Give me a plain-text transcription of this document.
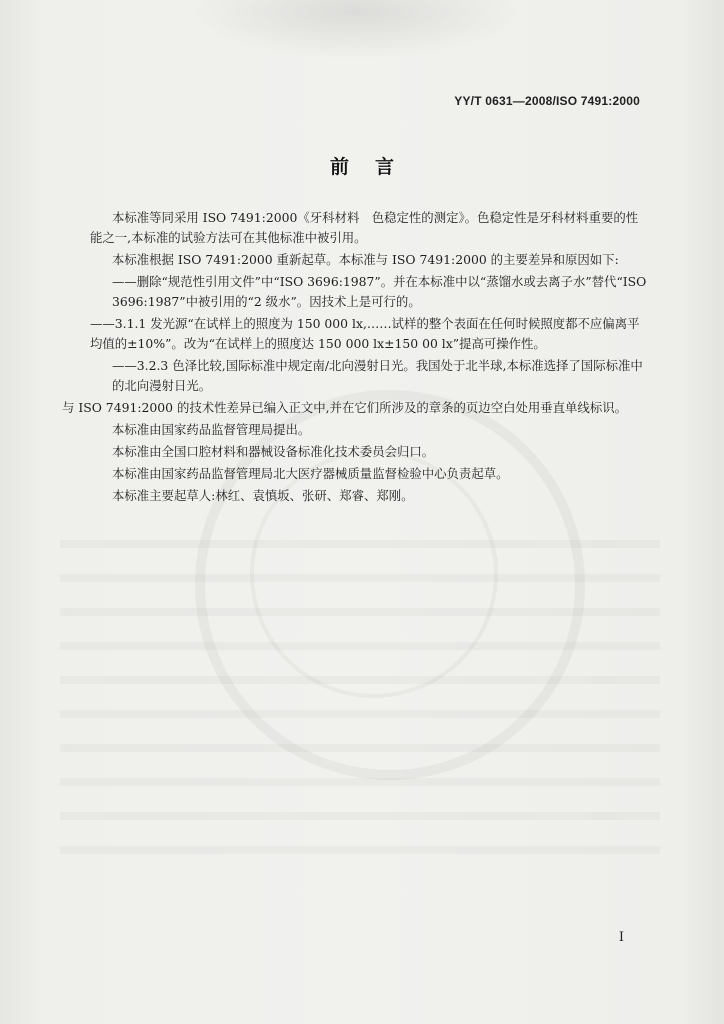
YY/T 0631—2008/ISO 7491:2000
前言

本标准等同采用 ISO 7491:2000《牙科材料　色稳定性的测定》。色稳定性是牙科材料重要的性能之一,本标准的试验方法可在其他标准中被引用。

本标准根据 ISO 7491:2000 重新起草。本标准与 ISO 7491:2000 的主要差异和原因如下:

——删除“规范性引用文件”中“ISO 3696:1987”。并在本标准中以“蒸馏水或去离子水”替代“ISO 3696:1987”中被引用的“2 级水”。因技术上是可行的。

——3.1.1 发光源“在试样上的照度为 150 000 lx,……试样的整个表面在任何时候照度都不应偏离平均值的±10%”。改为“在试样上的照度达 150 000 lx±150 00 lx”提高可操作性。

——3.2.3 色泽比较,国际标准中规定南/北向漫射日光。我国处于北半球,本标准选择了国际标准中的北向漫射日光。

与 ISO 7491:2000 的技术性差异已编入正文中,并在它们所涉及的章条的页边空白处用垂直单线标识。

本标准由国家药品监督管理局提出。

本标准由全国口腔材料和器械设备标准化技术委员会归口。

本标准由国家药品监督管理局北大医疗器械质量监督检验中心负责起草。

本标准主要起草人:林红、袁慎坂、张研、郑睿、郑刚。

I
